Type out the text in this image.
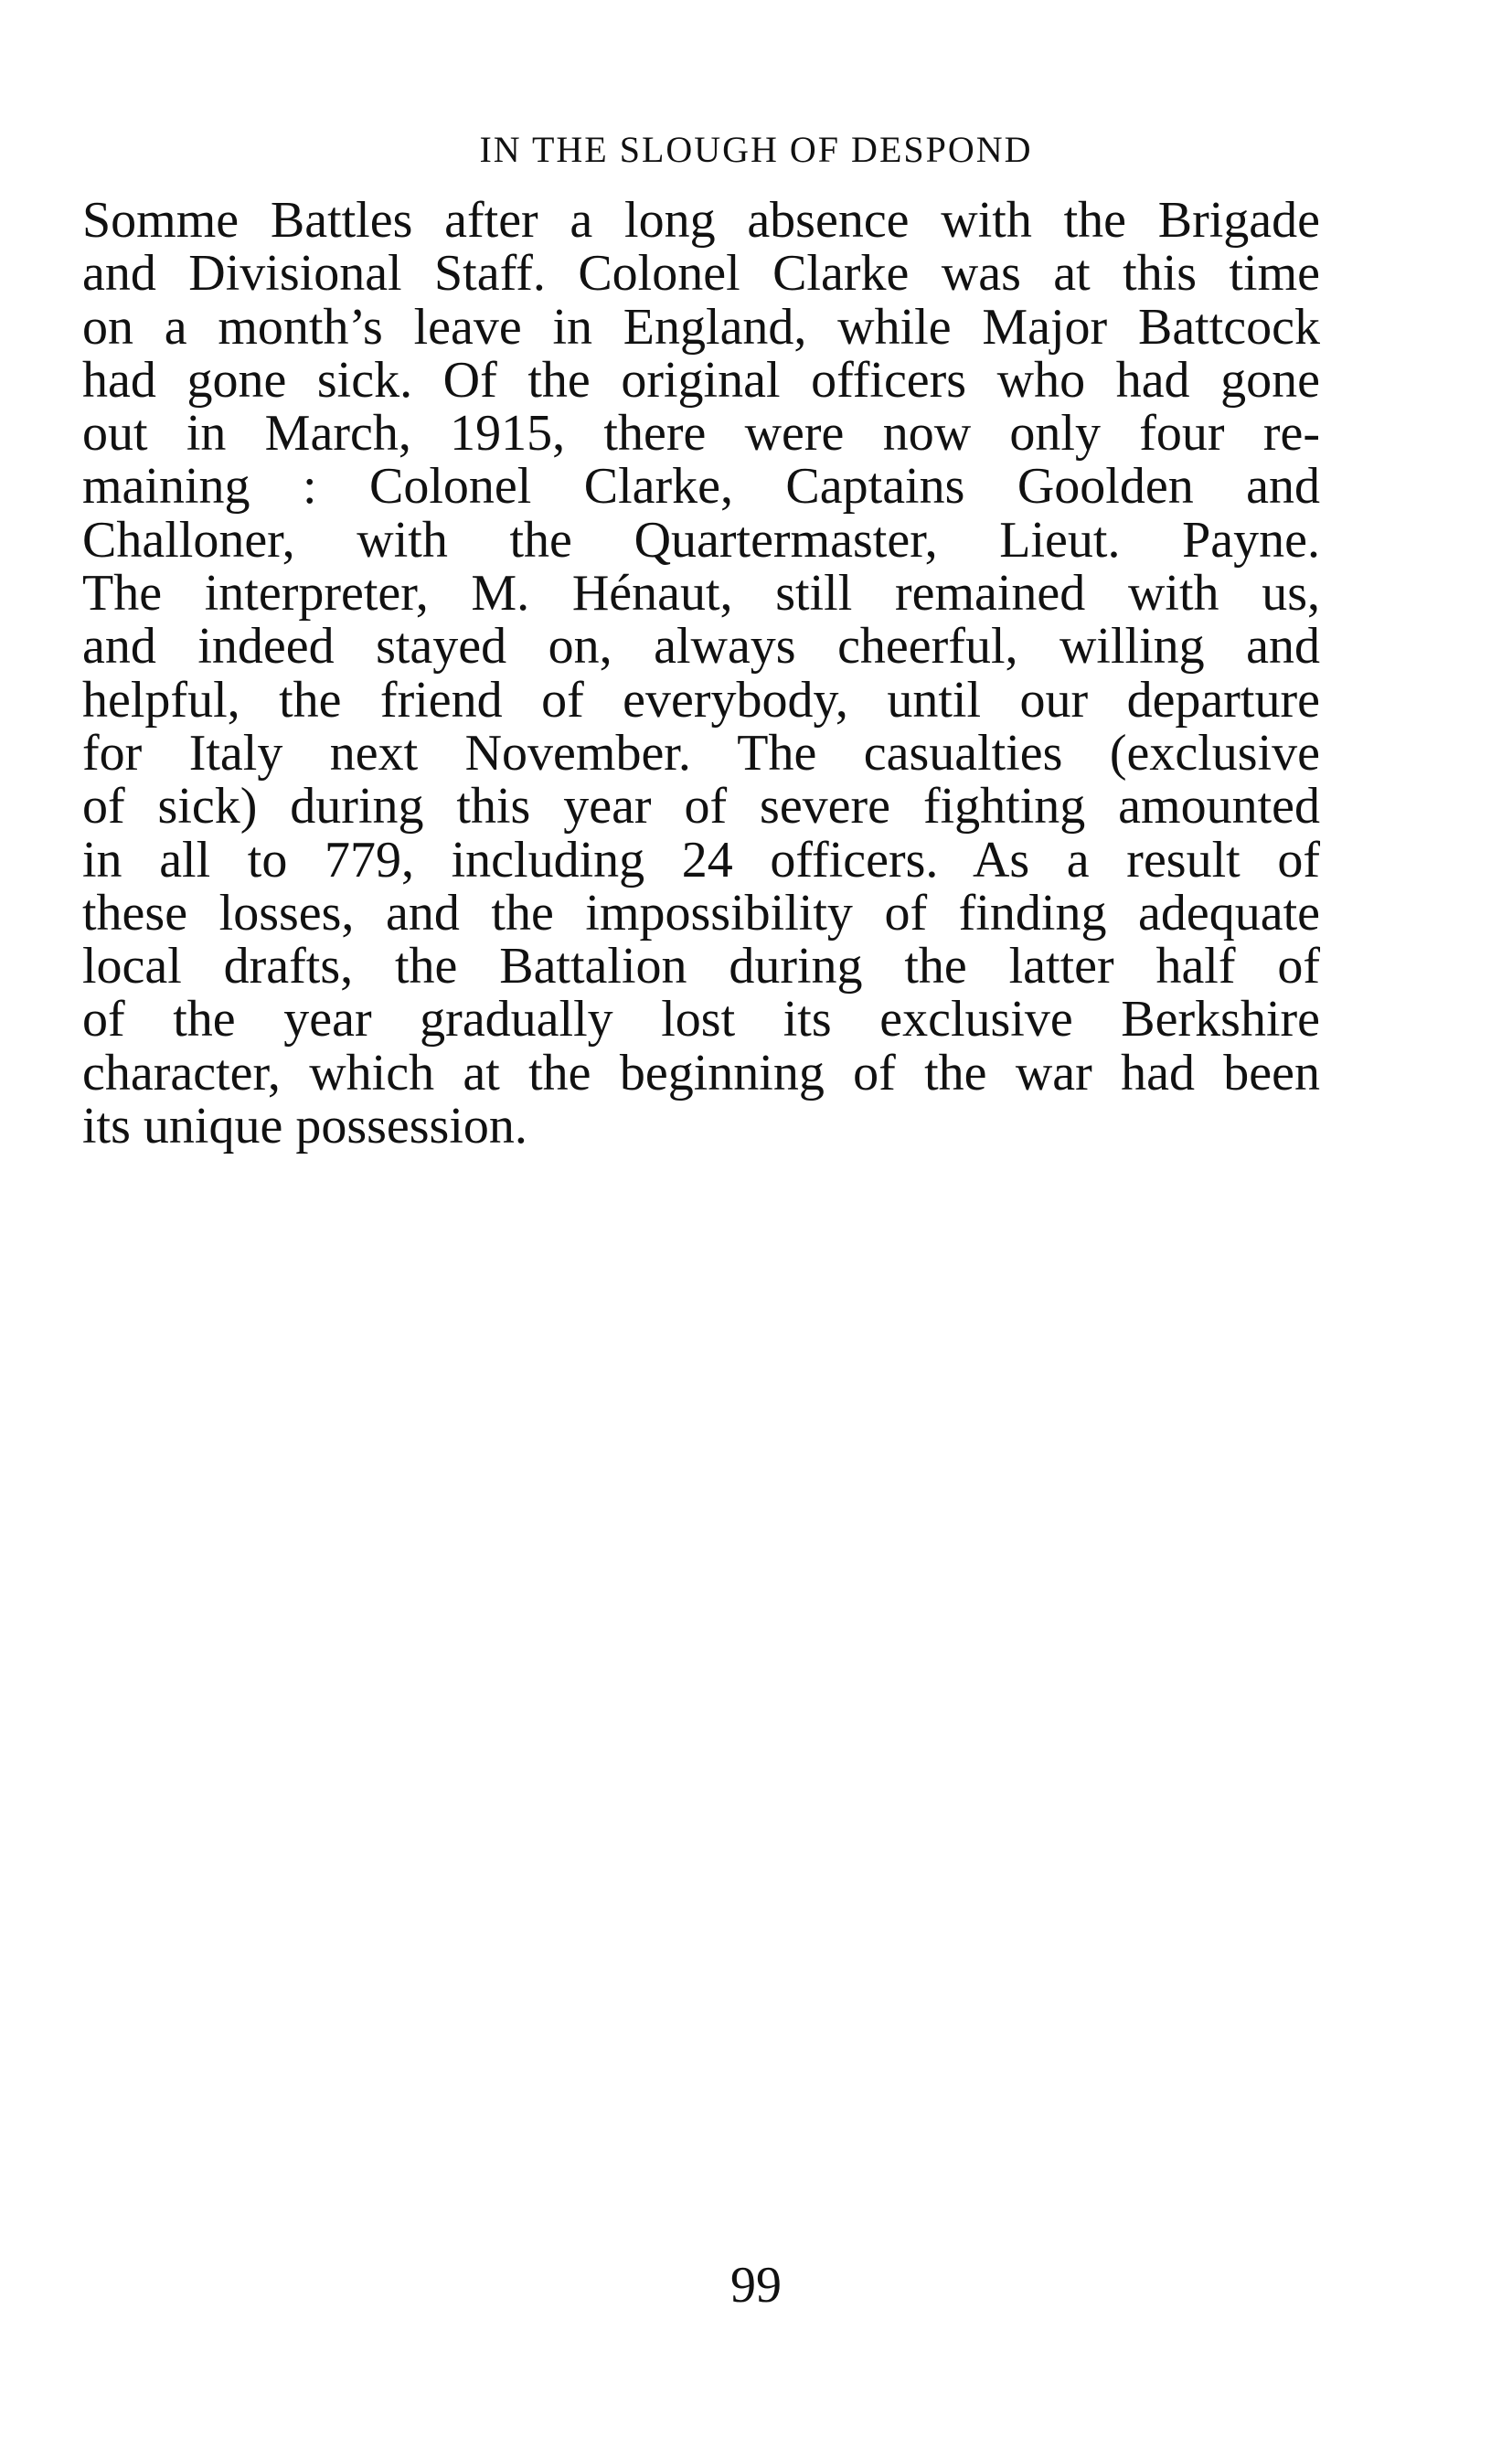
IN THE SLOUGH OF DESPOND
Somme Battles after a long absence with the Brigade
and Divisional Staff. Colonel Clarke was at this time
on a month’s leave in England, while Major Battcock
had gone sick. Of the original officers who had gone
out in March, 1915, there were now only four re-
maining : Colonel Clarke, Captains Goolden and
Challoner, with the Quartermaster, Lieut. Payne.
The interpreter, M. Hénaut, still remained with us,
and indeed stayed on, always cheerful, willing and
helpful, the friend of everybody, until our departure
for Italy next November. The casualties (exclusive
of sick) during this year of severe fighting amounted
in all to 779, including 24 officers. As a result of
these losses, and the impossibility of finding adequate
local drafts, the Battalion during the latter half of
of the year gradually lost its exclusive Berkshire
character, which at the beginning of the war had been
its unique possession.
99
